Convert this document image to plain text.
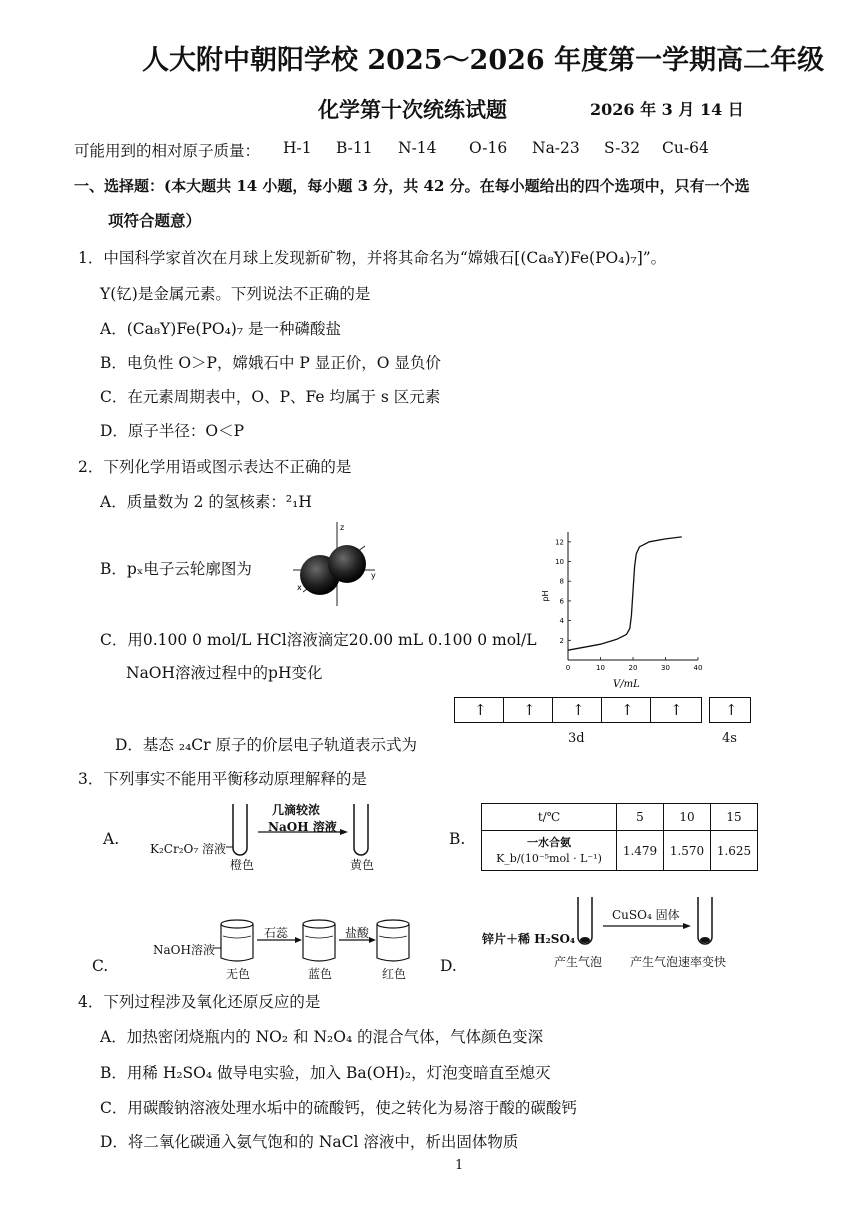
人大附中朝阳学校 2025～2026 年度第一学期高二年级
化学第十次统练试题	2026 年 3 月 14 日
可能用到的相对原子质量： H-1 B-11 N-14 O-16 Na-23 S-32 Cu-64
一、选择题：(本大题共 14 小题，每小题 3 分，共 42 分。在每小题给出的四个选项中，只有一个选
项符合题意）
1．中国科学家首次在月球上发现新矿物，并将其命名为“嫦娥石[(Ca₈Y)Fe(PO₄)₇]”。
Y(钇)是金属元素。下列说法不正确的是
A．(Ca₈Y)Fe(PO₄)₇ 是一种磷酸盐
B．电负性 O＞P，嫦娥石中 P 显正价，O 显负价
C．在元素周期表中，O、P、Fe 均属于 s 区元素
D．原子半径：O＜P
2．下列化学用语或图示表达不正确的是
A．质量数为 2 的氢核素：²₁H
B．pₓ电子云轮廓图为
z
x
y
C．用0.100 0 mol/L HCl溶液滴定20.00 mL 0.100 0 mol/L
NaOH溶液过程中的pH变化	0	10	20	30	40
2
4
6
8
10
12
V/mL
pH
↑ ↑ ↑ ↑ ↑	↑
3d	4s
D．基态 ₂₄Cr 原子的价层电子轨道表示式为
3．下列事实不能用平衡移动原理解释的是
A.
几滴较浓
NaOH 溶液
K₂Cr₂O₇ 溶液
橙色	黄色
B.
t/℃	5	10	15

一水合氨
K_b/(10⁻⁵mol · L⁻¹)	1.479	1.570	1.625
C.
NaOH溶液
石蕊	盐酸
无色	蓝色	红色 D.
锌片＋稀 H₂SO₄
CuSO₄ 固体
产生气泡 产生气泡速率变快
4．下列过程涉及氧化还原反应的是
A．加热密闭烧瓶内的 NO₂ 和 N₂O₄ 的混合气体，气体颜色变深
B．用稀 H₂SO₄ 做导电实验，加入 Ba(OH)₂，灯泡变暗直至熄灭
C．用碳酸钠溶液处理水垢中的硫酸钙，使之转化为易溶于酸的碳酸钙
D．将二氧化碳通入氨气饱和的 NaCl 溶液中，析出固体物质
1
